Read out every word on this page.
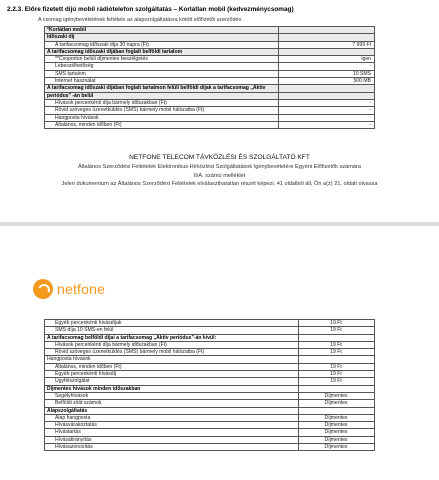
2.2.3. Előre fizetett díjú mobil rádiótelefon szolgáltatás – Korlátlan mobil (kedvezménycsomag)
A csomag igénybevételének feltétele az alapszolgáltatásra kötött előfizetői szerződés.
*Korlátlan mobil	
Időszaki díj	
A tarifacsomag időszaki díja 30 napra (Ft)	7 999 Ft
A tarifacsomag időszaki díjában foglalt belföldi tartalom	
**Csoporton belüli díjmentes beszélgetés	igen
Lebeszélhetőség	-
SMS tartalom	10 SMS
Internet használat	500 MB
A tarifacsomag időszaki díjában foglalt tartalmon felüli belföldi díjak a tarifacsomag „Aktív	
periódus" -án belül	
Hívások percenkénti díja bármely időszakban (Ft)	-
Rövid szöveges üzenetküldés (SMS) bármely mobil hálózatba (Ft)	-
Hangposta hívások	
Általános, minden időben (Ft)	-
NETFONE TELECOM TÁVKÖZLÉSI ÉS SZOLGÁLTATÓ KFT
Általános Szerződési Feltételek Elektronikus Hírközlési Szolgáltatások Igénybevételére Egyéni Előfizetők számára
II/A. számú melléklet
Jelen dokumentum az Általános Szerződési Feltételek elválaszthatatlan részét képezi. 41 oldalból áll, Ön a(z) 21. oldalt olvassa
netfone
Egyéb percenkénti hívásdíjak	19 Ft
SMS díja 10 SMS-en felül	19 Ft
A tarifacsomag belföldi díjai a tarifacsomag „Aktív periódus"-án kívül:	
Hívások percenkénti díja bármely időszakban (Ft)	19 Ft
Rövid szöveges üzenetküldés (SMS) bármely mobil hálózatba (Ft)	19 Ft
Hangposta hívások	
Általános, minden időben (Ft)	19 Ft
Egyéb percenkénti hívásdíj	19 Ft
Ügyfélszolgálat	19 Ft
Díjmentes hívások minden időszakban	
Segélyhívások	Díjmentes
Belföldi zöld számok	Díjmentes
Alapszolgáltatás	
Alap hangposta	Díjmentes
Hívásvárakoztatás	Díjmentes
Hívástartás	Díjmentes
Hívásátirányítás	Díjmentes
Hívásazonosítás	Díjmentes
